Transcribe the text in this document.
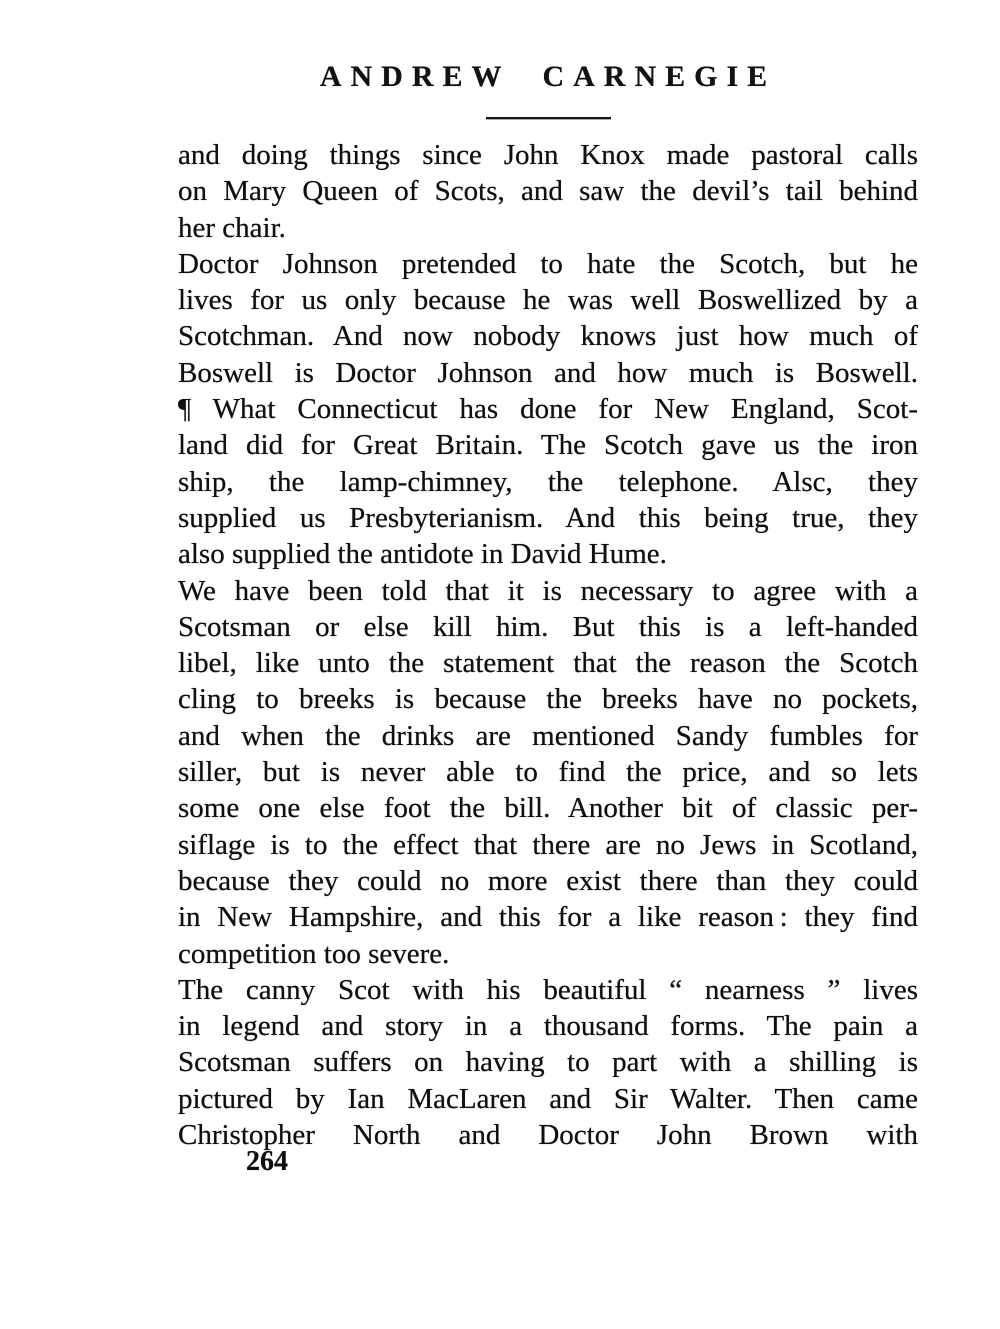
ANDREW CARNEGIE
and doing things since John Knox made pastoral calls
on Mary Queen of Scots, and saw the devil’s tail behind
her chair.
Doctor Johnson pretended to hate the Scotch, but he
lives for us only because he was well Boswellized by a
Scotchman. And now nobody knows just how much of
Boswell is Doctor Johnson and how much is Boswell.
¶ What Connecticut has done for New England, Scot-
land did for Great Britain. The Scotch gave us the iron
ship, the lamp-chimney, the telephone. Alsc, they
supplied us Presbyterianism. And this being true, they
also supplied the antidote in David Hume.
We have been told that it is necessary to agree with a
Scotsman or else kill him. But this is a left-handed
libel, like unto the statement that the reason the Scotch
cling to breeks is because the breeks have no pockets,
and when the drinks are mentioned Sandy fumbles for
siller, but is never able to find the price, and so lets
some one else foot the bill. Another bit of classic per-
siflage is to the effect that there are no Jews in Scotland,
because they could no more exist there than they could
in New Hampshire, and this for a like reason : they find
competition too severe.
The canny Scot with his beautiful “ nearness ” lives
in legend and story in a thousand forms. The pain a
Scotsman suffers on having to part with a shilling is
pictured by Ian MacLaren and Sir Walter. Then came
Christopher North and Doctor John Brown with
264
